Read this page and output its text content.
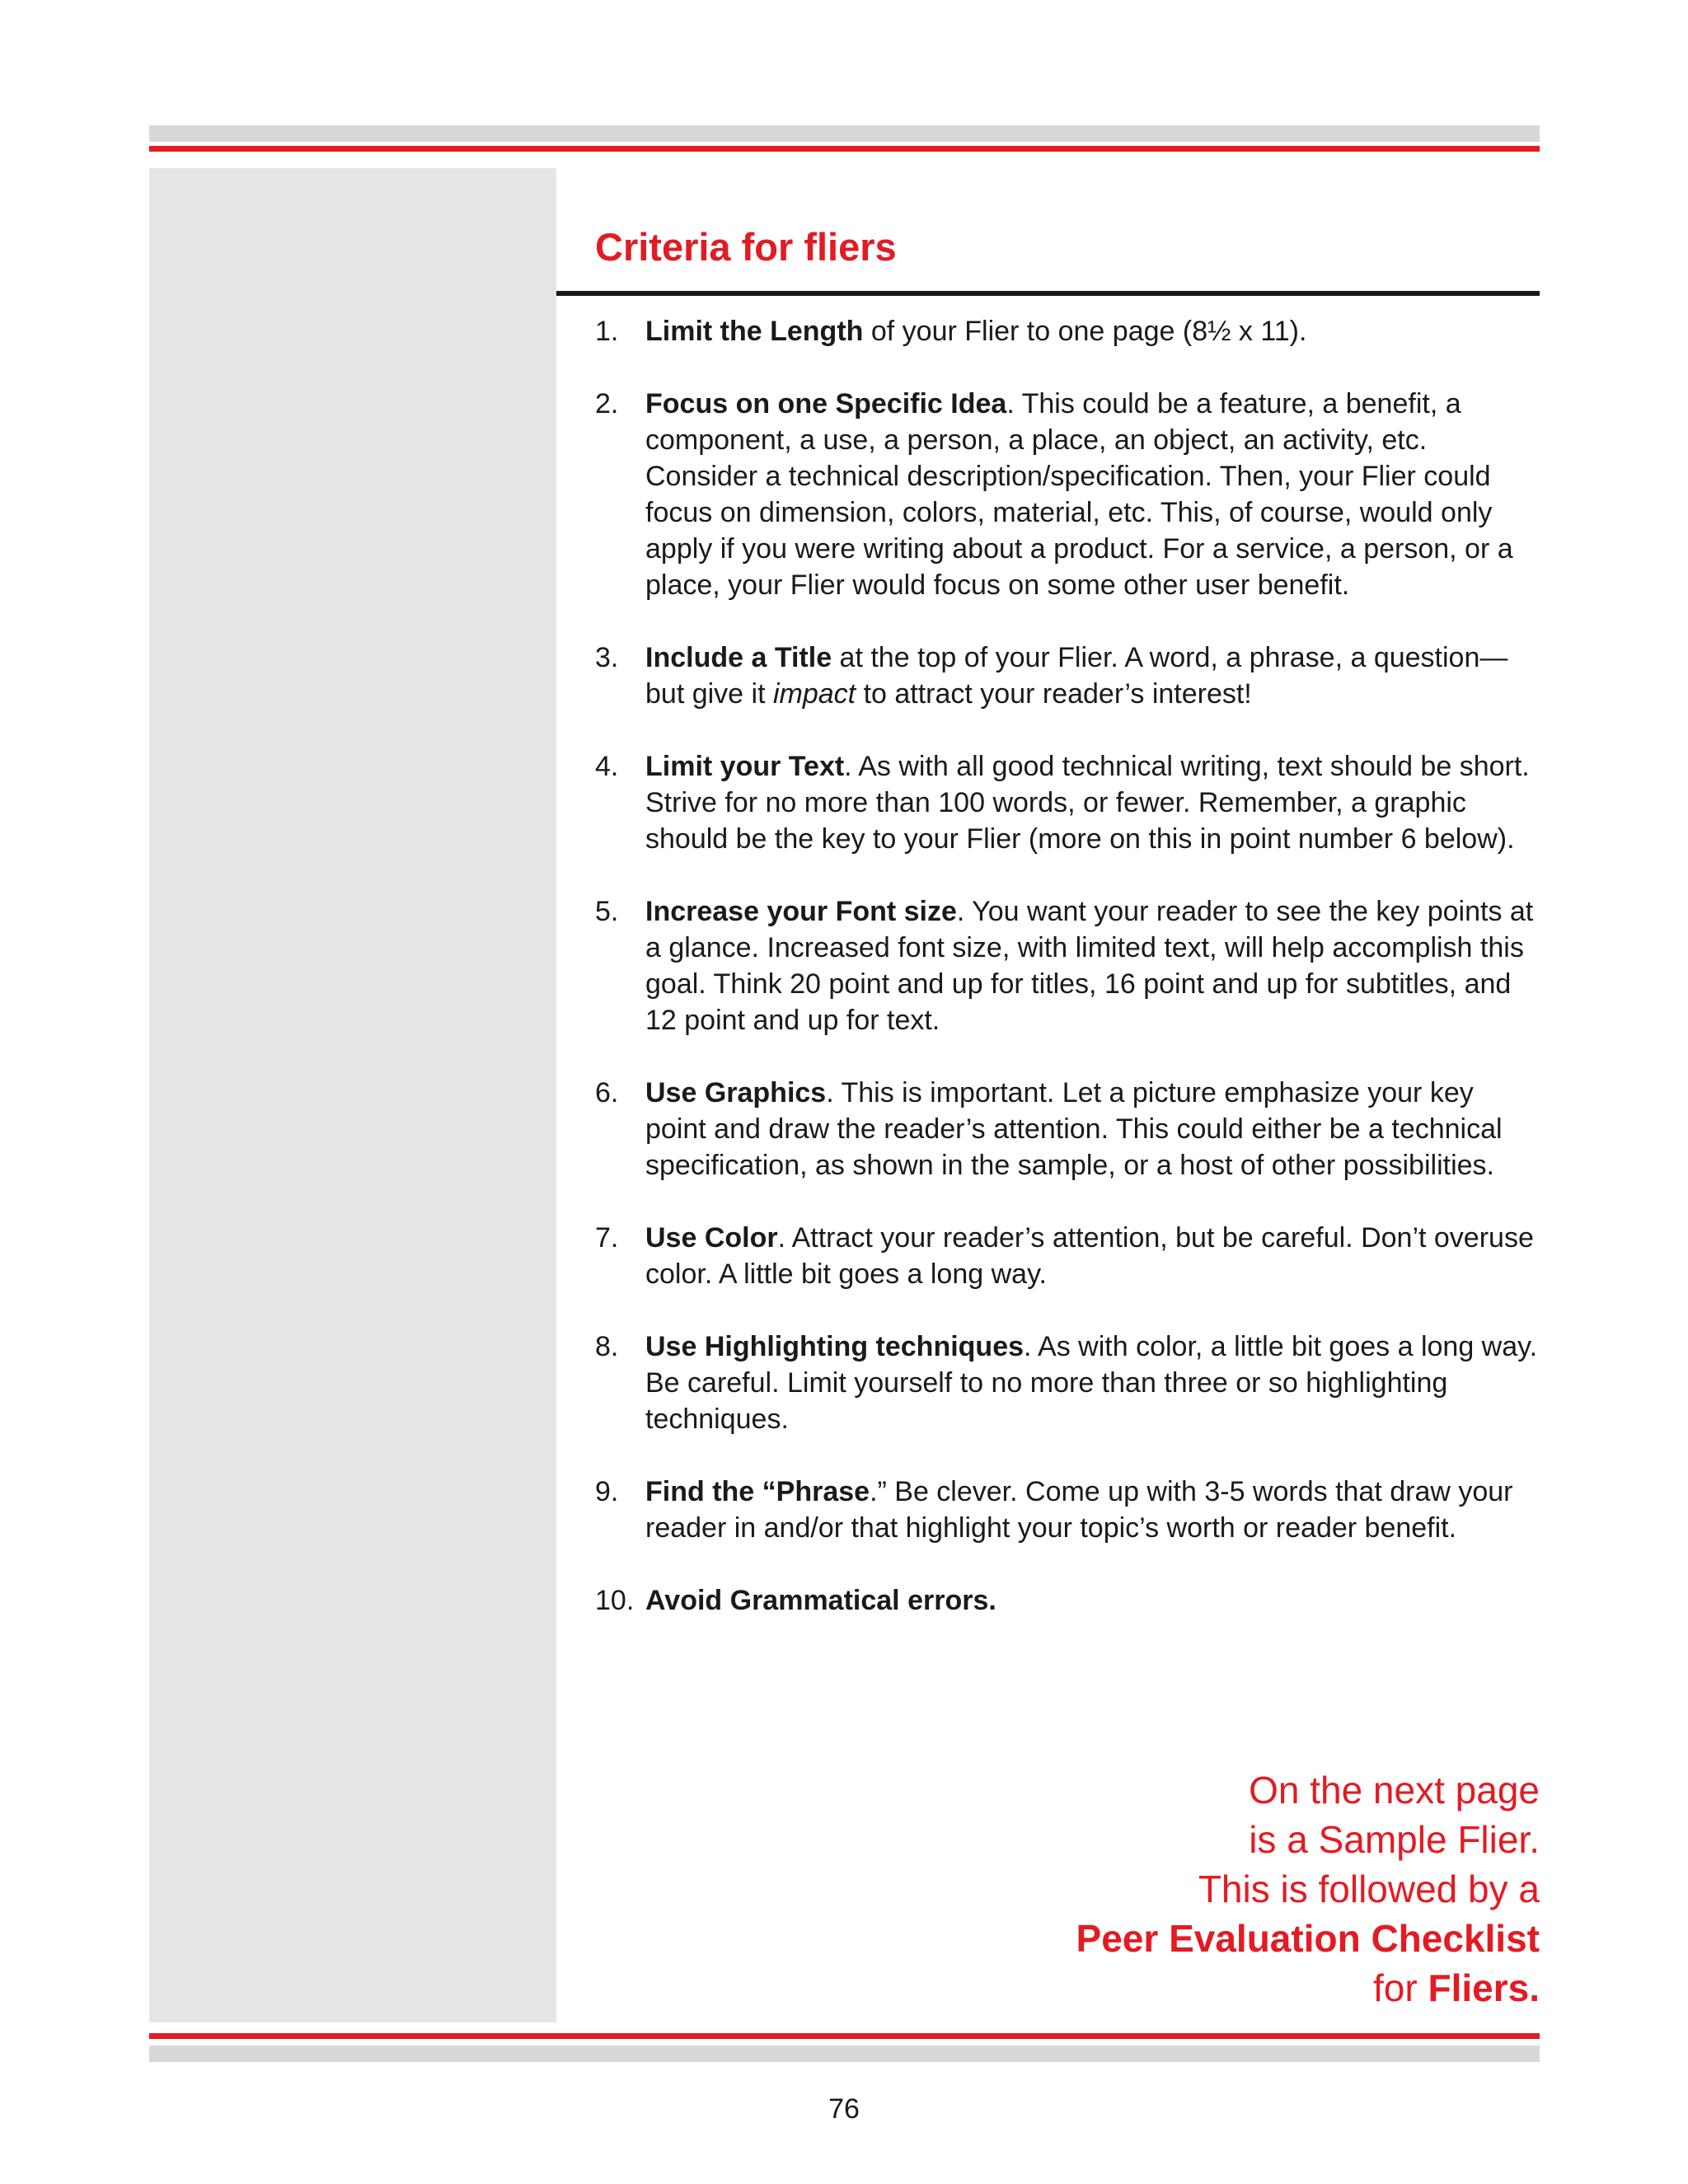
Criteria for fliers
1. Limit the Length of your Flier to one page (8½ x 11).
2. Focus on one Specific Idea. This could be a feature, a benefit, a component, a use, a person, a place, an object, an activity, etc. Consider a technical description/specification. Then, your Flier could focus on dimension, colors, material, etc. This, of course, would only apply if you were writing about a product. For a service, a person, or a place, your Flier would focus on some other user benefit.
3. Include a Title at the top of your Flier. A word, a phrase, a question—but give it impact to attract your reader’s interest!
4. Limit your Text. As with all good technical writing, text should be short. Strive for no more than 100 words, or fewer. Remember, a graphic should be the key to your Flier (more on this in point number 6 below).
5. Increase your Font size. You want your reader to see the key points at a glance. Increased font size, with limited text, will help accomplish this goal. Think 20 point and up for titles, 16 point and up for subtitles, and 12 point and up for text.
6. Use Graphics. This is important. Let a picture emphasize your key point and draw the reader’s attention. This could either be a technical specification, as shown in the sample, or a host of other possibilities.
7. Use Color. Attract your reader’s attention, but be careful. Don’t overuse color. A little bit goes a long way.
8. Use Highlighting techniques. As with color, a little bit goes a long way. Be careful. Limit yourself to no more than three or so highlighting techniques.
9. Find the “Phrase.” Be clever. Come up with 3-5 words that draw your reader in and/or that highlight your topic’s worth or reader benefit.
10. Avoid Grammatical errors.
On the next page
is a Sample Flier.
This is followed by a
Peer Evaluation Checklist
for Fliers.
76
